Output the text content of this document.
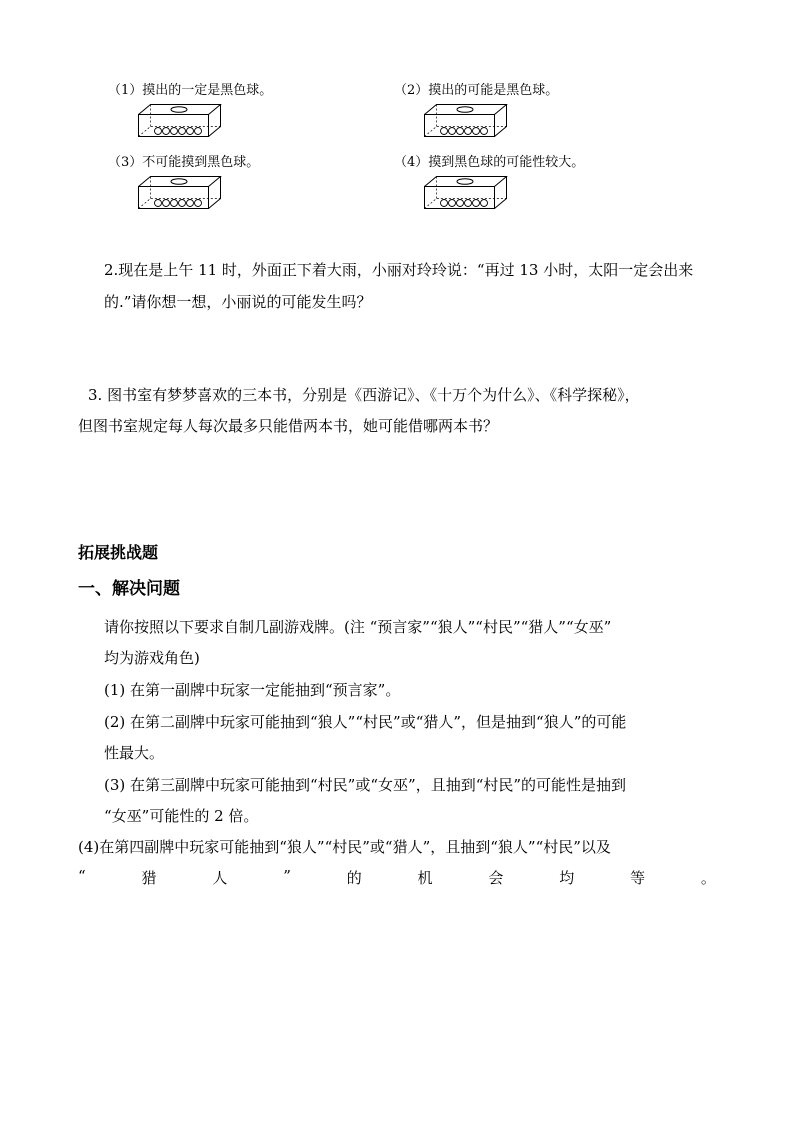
（1）摸出的一定是黑色球。	（2）摸出的可能是黑色球。
（3）不可能摸到黑色球。	（4）摸到黑色球的可能性较大。
2.现在是上午 11 时，外面正下着大雨，小丽对玲玲说：“再过 13 小时，太阳一定会出来
的.”请你想一想，小丽说的可能发生吗？
3. 图书室有梦梦喜欢的三本书，分别是《西游记》、《十万个为什么》、《科学探秘》，
但图书室规定每人每次最多只能借两本书，她可能借哪两本书？
拓展挑战题
一、解决问题
请你按照以下要求自制几副游戏牌。(注 “预言家”“狼人”“村民”“猎人”“女巫”
均为游戏角色)
(1) 在第一副牌中玩家一定能抽到“预言家”。
(2) 在第二副牌中玩家可能抽到“狼人”“村民”或“猎人”，但是抽到“狼人”的可能
性最大。
(3) 在第三副牌中玩家可能抽到“村民”或“女巫”，且抽到“村民”的可能性是抽到
“女巫”可能性的 2 倍。
(4)在第四副牌中玩家可能抽到“狼人”“村民”或“猎人”，且抽到“狼人”“村民”以及
“	猎	人	”	的	机	会	均	等	。
